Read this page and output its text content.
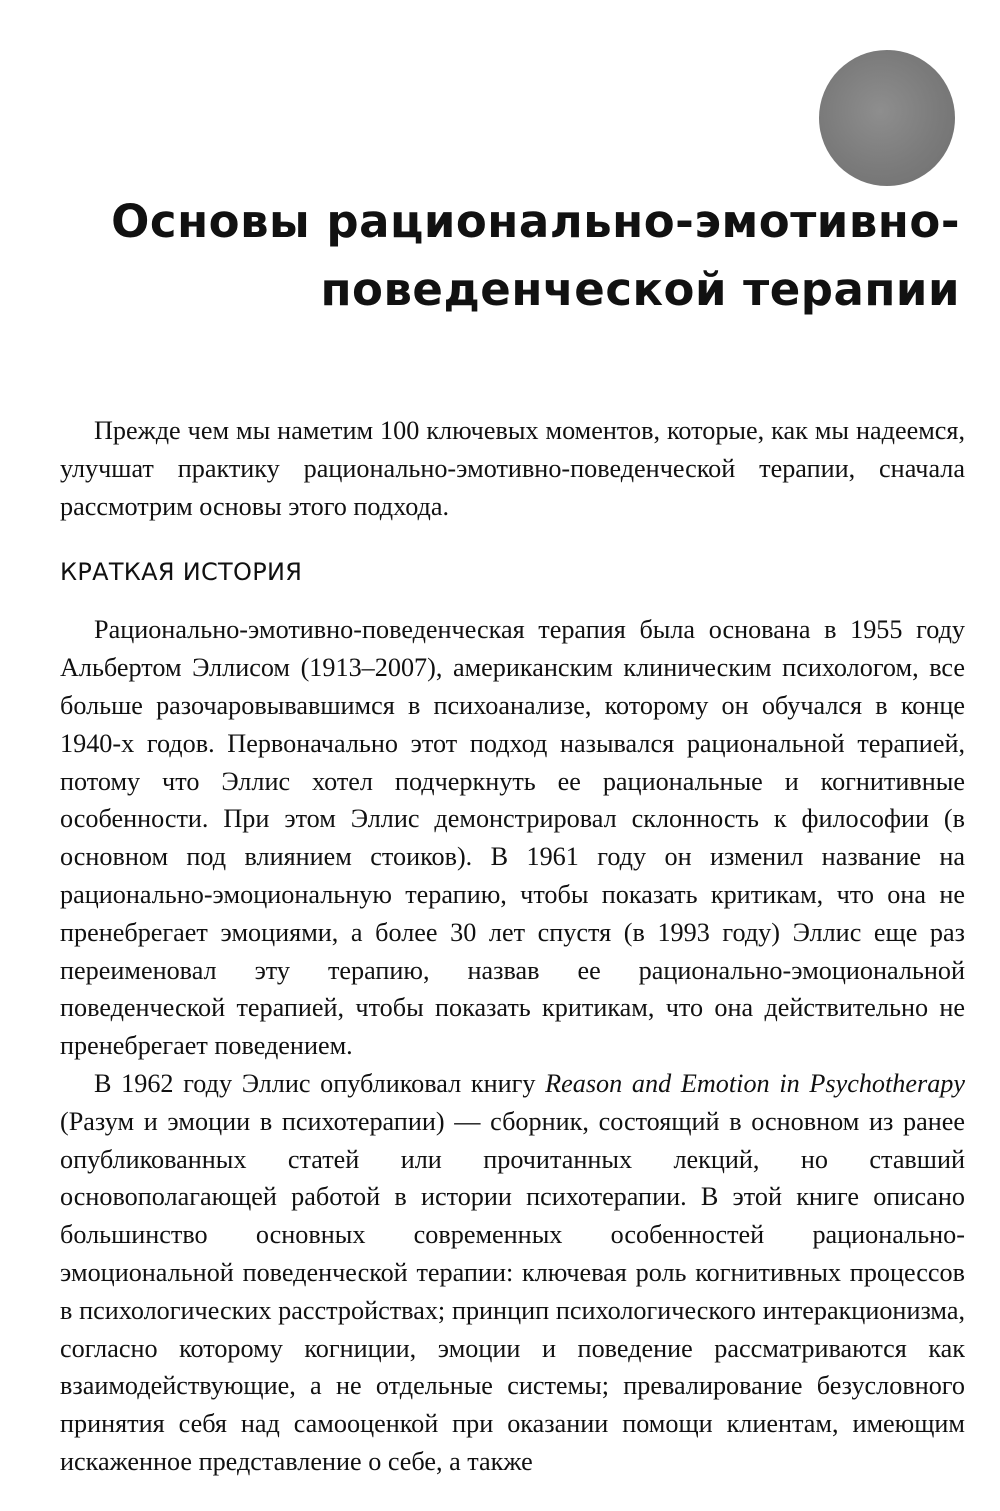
Основы рационально-эмотивно-
поведенческой терапии

Прежде чем мы наметим 100 ключевых моментов, которые, как мы надеемся, улучшат практику рационально-эмотивно-поведенческой терапии, сначала рассмотрим основы этого подхода.

КРАТКАЯ ИСТОРИЯ

Рационально-эмотивно-поведенческая терапия была основана в 1955 году Альбертом Эллисом (1913–2007), американским клиническим психологом, все больше разочаровывавшимся в психоанализе, которому он обучался в конце 1940-х годов. Первоначально этот подход назывался рациональной терапией, потому что Эллис хотел подчеркнуть ее рациональные и когнитивные особенности. При этом Эллис демонстрировал склонность к философии (в основном под влиянием стоиков). В 1961 году он изменил название на рационально-эмоциональную терапию, чтобы показать критикам, что она не пренебрегает эмоциями, а более 30 лет спустя (в 1993 году) Эллис еще раз переименовал эту терапию, назвав ее рационально-эмоциональной поведенческой терапией, чтобы показать критикам, что она действительно не пренебрегает поведением.

В 1962 году Эллис опубликовал книгу Reason and Emotion in Psychotherapy (Разум и эмоции в психотерапии) — сборник, состоящий в основном из ранее опубликованных статей или прочитанных лекций, но ставший основополагающей работой в истории психотерапии. В этой книге описано большинство основных современных особенностей рационально-эмоциональной поведенческой терапии: ключевая роль когнитивных процессов в психологических расстройствах; принцип психологического интеракционизма, согласно которому когниции, эмоции и поведение рассматриваются как взаимодействующие, а не отдельные системы; превалирование безусловного принятия себя над самооценкой при оказании помощи клиентам, имеющим искаженное представление о себе, а также
